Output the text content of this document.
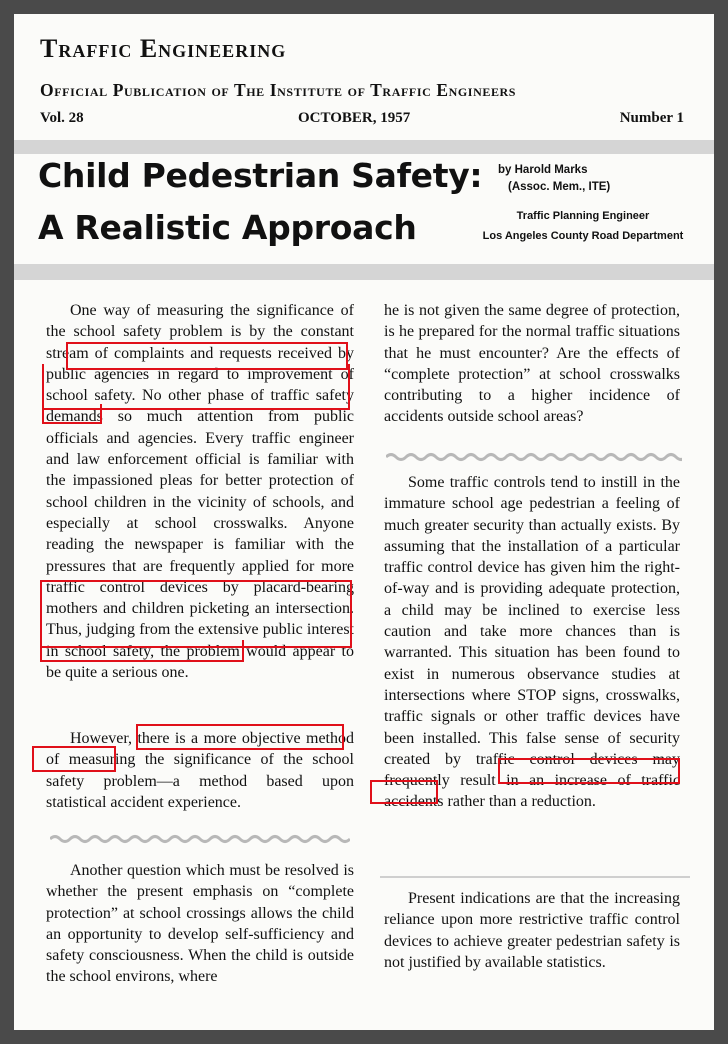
Traffic Engineering
Official Publication of The Institute of Traffic Engineers
Vol. 28	OCTOBER, 1957	Number 1
Child Pedestrian Safety:
A Realistic Approach
by Harold Marks
(Assoc. Mem., ITE)
Traffic Planning Engineer
Los Angeles County Road Department

One way of measuring the significance of the school safety problem is by the constant stream of complaints and requests received by public agencies in regard to improvement of school safety. No other phase of traffic safety demands so much attention from public officials and agencies. Every traffic engineer and law enforcement official is familiar with the impassioned pleas for better protection of school children in the vicinity of schools, and especially at school crosswalks. Anyone reading the newspaper is familiar with the pressures that are frequently applied for more traffic control devices by placard-bearing mothers and children picketing an intersection. Thus, judging from the extensive public interest in school safety, the problem would appear to be quite a serious one.

However, there is a more objective method of measuring the significance of the school safety problem—a method based upon statistical accident experience.

Another question which must be resolved is whether the present emphasis on “complete protection” at school crossings allows the child an opportunity to develop self-sufficiency and safety consciousness. When the child is outside the school environs, where

he is not given the same degree of protection, is he prepared for the normal traffic situations that he must encounter? Are the effects of “complete protection” at school crosswalks contributing to a higher incidence of accidents outside school areas?

Some traffic controls tend to instill in the immature school age pedestrian a feeling of much greater security than actually exists. By assuming that the installation of a particular traffic control device has given him the right-of-way and is providing adequate protection, a child may be inclined to exercise less caution and take more chances than is warranted. This situation has been found to exist in numerous observance studies at intersections where STOP signs, crosswalks, traffic signals or other traffic devices have been installed. This false sense of security created by traffic control devices may frequently result in an increase of traffic accidents rather than a reduction.

Present indications are that the increasing reliance upon more restrictive traffic control devices to achieve greater pedestrian safety is not justified by available statistics.
